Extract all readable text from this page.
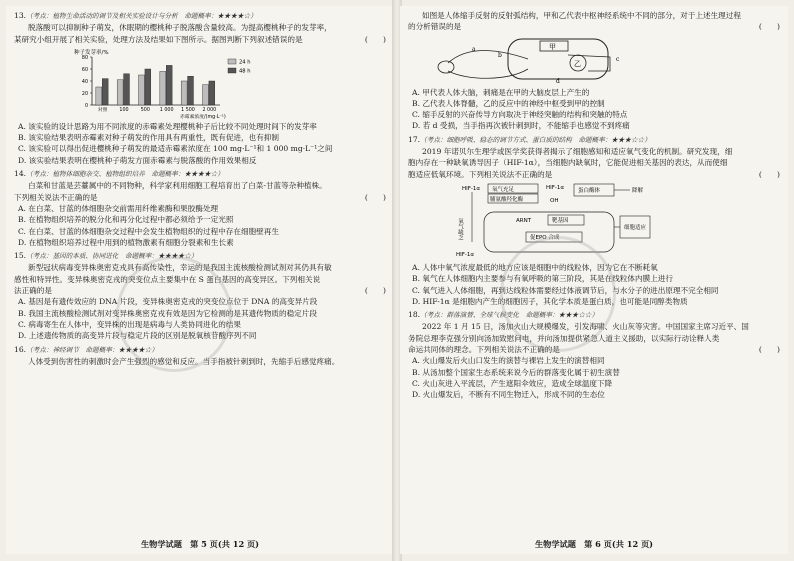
13.（考点：植物生命活动的调节及相关实验设计与分析　命题概率：★★★★☆）

脱落酸可以抑制种子萌发，休眠期的樱桃种子脱落酸含量较高。为提高樱桃种子的发芽率，

某研究小组开展了相关实验，处理方法及结果如下图所示。据图判断下列叙述错误的是	(　　)

种子发芽率/%
0
20
40
60
80
对照 100	500 1 000 1 500 2 000
赤霉素浓度/(mg·L⁻¹)
24 h
48 h

A. 该实验的设计思路为用不同浓度的赤霉素处理樱桃种子后比较不同处理时间下的发芽率

B. 该实验结果表明赤霉素对种子萌发的作用具有两重性，既有促进，也有抑制

C. 该实验可以得出促进樱桃种子萌发的最适赤霉素浓度在 100 mg·L⁻¹和 1 000 mg·L⁻¹之间

D. 该实验结果表明在樱桃种子萌发方面赤霉素与脱落酸的作用效果相反

14.（考点：植物体细胞杂交、植物组织培养　命题概率：★★★★☆）

白菜和甘蓝是芸薹属中的不同物种，科学家利用细胞工程培育出了白菜-甘蓝等杂种植株。

下列相关说法不正确的是	(　　)

A. 在白菜、甘蓝的体细胞杂交前需用纤维素酶和果胶酶处理

B. 在植物组织培养的脱分化和再分化过程中都必须给予一定光照

C. 在白菜、甘蓝的体细胞杂交过程中会发生植物组织的过程中存在细胞壁再生

D. 在植物组织培养过程中用到的植物激素有细胞分裂素和生长素

15.（考点：基因的本质、协同进化　命题概率：★★★★☆）

新型冠状病毒变异株奥密克戎具有高传染性，幸运的是我国主流核酸检测试剂对其仍具有敏

感性和特异性。变异株奥密克戎的突变位点主要集中在 S 蛋白基因的高变异区。下列相关说

法正确的是	(　　)

A. 基因是有遗传效应的 DNA 片段，变异株奥密克戎的突变位点位于 DNA 的高变异片段

B. 我国主流核酸检测试剂对变异株奥密克戎有效是因为它检测的是其遗传物质的稳定片段

C. 病毒寄生在人体中，变异株的出现是病毒与人类协同进化的结果

D. 上述遗传物质的高变异片段与稳定片段的区别是脱氧核苷酸序列不同

16.（考点：神经调节　命题概率：★★★★☆）

人体受到伤害性的刺激时会产生强烈的感觉和反应。当手指被针刺到时，先缩手后感觉疼痛。

生物学试题　第 5 页(共 12 页)

如图是人体缩手反射的反射弧结构，甲和乙代表中枢神经系统中不同的部分，对于上述生理过程

的分析错误的是	(　　)

甲
乙
a
b
c
d

A. 甲代表人体大脑，刺痛是在甲的大脑皮层上产生的

B. 乙代表人体脊髓，乙的反应中的神经中枢受到甲的控制

C. 缩手反射的兴奋传导方向取决于神经突触的结构和突触的特点

D. 若 d 受损，当手指再次被针刺到时，不能缩手也感觉不到疼痛

17.（考点：细胞呼吸、稳态的调节方式、蛋白质的结构　命题概率：★★★☆☆）

2019 年诺贝尔生理学或医学奖获得者揭示了细胞感知和适应氧气变化的机制。研究发现，细

胞内存在一种缺氧诱导因子（HIF-1α），当细胞内缺氧时，它能促进相关基因的表达，从而使细

胞适应低氧环境。下列相关说法不正确的是	(　　)

HIF-1α 氧气充足
脯氨酸羟化酶
HIF-1α
OH
蛋白酶体	降解
氧气缺乏	ARNT	靶基因
促EPO 合成
HIF-1α
细胞适应

A. 人体中氧气浓度最低的地方应该是细胞中的线粒体，因为它在不断耗氧

B. 氧气在人体细胞内主要参与有氧呼吸的第三阶段，其是在线粒体内膜上进行

C. 氧气进入人体细胞，再到达线粒体需要经过体液调节后，与水分子的进出原理不完全相同

D. HIF-1α 是细胞内产生的细胞因子，其化学本质是蛋白质，也可能是同醇类物质

18.（考点：群落演替、全球气候变化　命题概率：★★★☆☆）

2022 年 1 月 15 日，汤加火山大规模爆发，引发海啸、火山灰等灾害。中国国家主席习近平、国

务院总理李克强分别向汤加致慰问电，并向汤加提供紧急人道主义援助，以实际行动诠释人类

命运共同体的理念。下列相关说法不正确的是	(　　)

A. 火山爆发后火山口发生的演替与裸岩上发生的演替相同

B. 从汤加整个国家生态系统来说今后的群落变化属于初生演替

C. 火山灰进入平流层，产生遮阳伞效应，造成全球温度下降

D. 火山爆发后，不断有不同生物迁入，形成不同的生态位

生物学试题　第 6 页(共 12 页)
